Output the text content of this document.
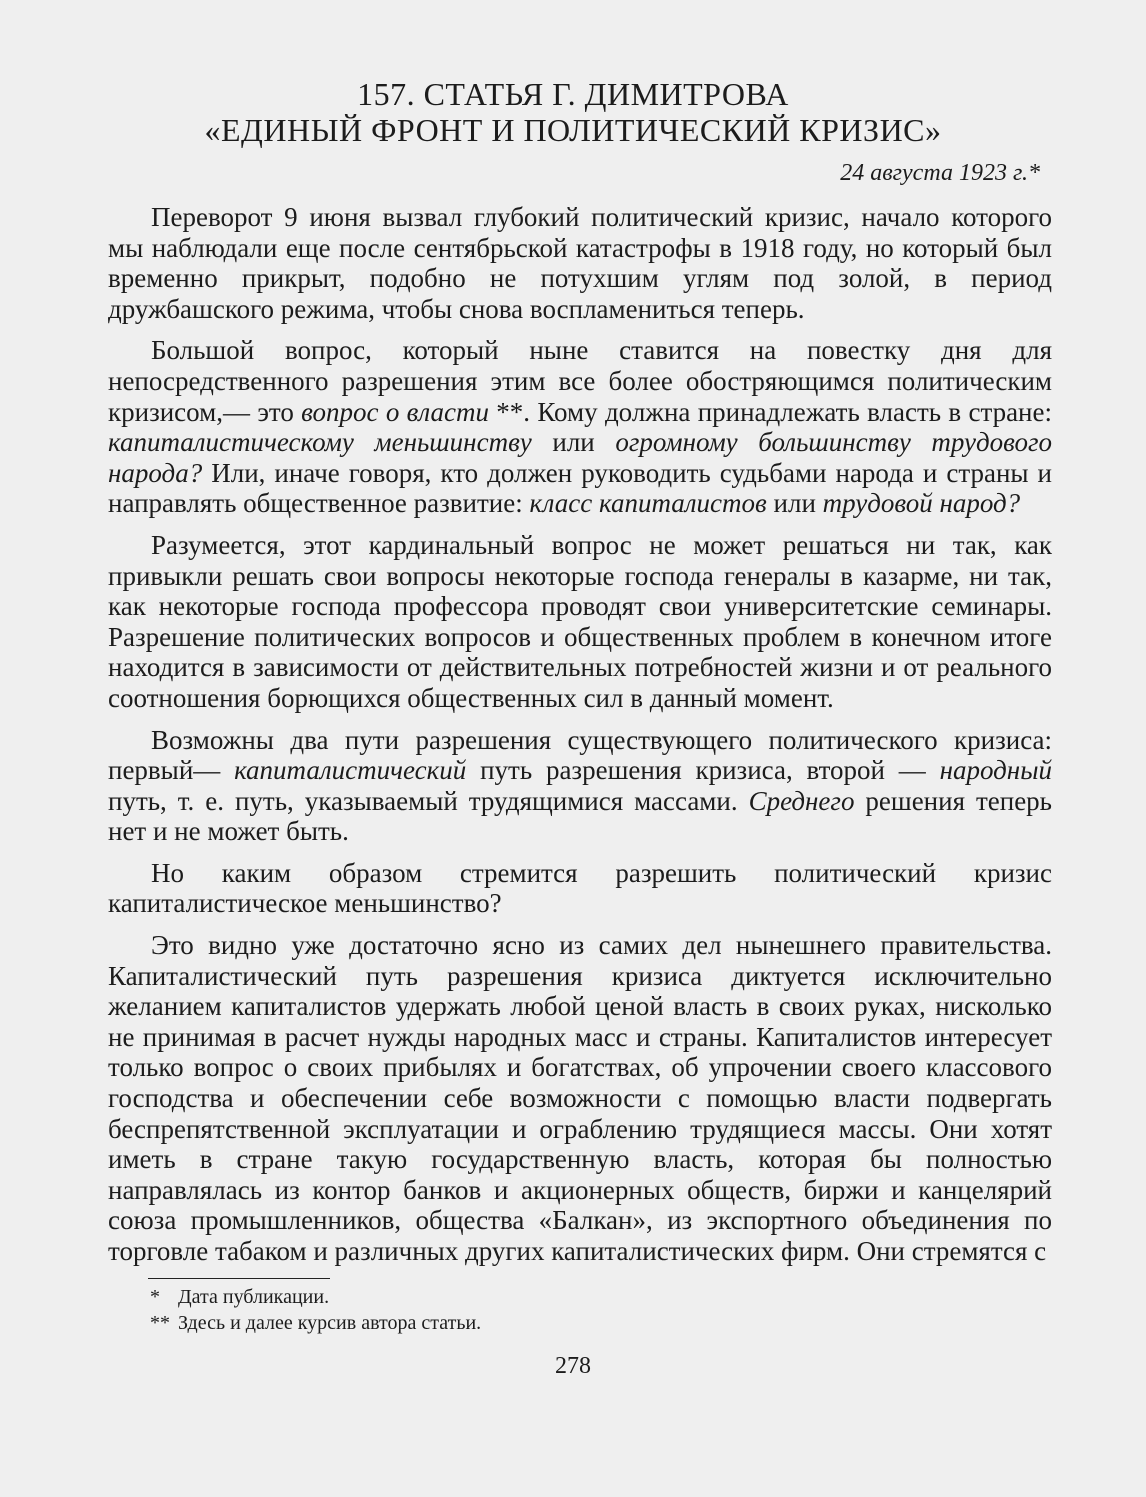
157. СТАТЬЯ Г. ДИМИТРОВА
«ЕДИНЫЙ ФРОНТ И ПОЛИТИЧЕСКИЙ КРИЗИС»
24 августа 1923 г.*

Переворот 9 июня вызвал глубокий политический кризис, начало которого мы наблюдали еще после сентябрьской катастрофы в 1918 году, но который был временно прикрыт, подобно не потухшим углям под золой, в период дружбашского режима, чтобы снова воспламениться теперь.

Большой вопрос, который ныне ставится на повестку дня для непосредственного разрешения этим все более обостряющимся политическим кризисом,— это вопрос о власти **. Кому должна принадлежать власть в стране: капиталистическому меньшинству или огромному большинству трудового народа? Или, иначе говоря, кто должен руководить судьбами народа и страны и направлять общественное развитие: класс капиталистов или трудовой народ?

Разумеется, этот кардинальный вопрос не может решаться ни так, как привыкли решать свои вопросы некоторые господа генералы в казарме, ни так, как некоторые господа профессора проводят свои университетские семинары. Разрешение политических вопросов и общественных проблем в конечном итоге находится в зависимости от действительных потребностей жизни и от реального соотношения борющихся общественных сил в данный момент.

Возможны два пути разрешения существующего политического кризиса: первый— капиталистический путь разрешения кризиса, второй — народный путь, т. е. путь, указываемый трудящимися массами. Среднего решения теперь нет и не может быть.

Но каким образом стремится разрешить политический кризис капиталистическое меньшинство?

Это видно уже достаточно ясно из самих дел нынешнего правительства. Капиталистический путь разрешения кризиса диктуется исключительно желанием капиталистов удержать любой ценой власть в своих руках, нисколько не принимая в расчет нужды народных масс и страны. Капиталистов интересует только вопрос о своих прибылях и богатствах, об упрочении своего классового господства и обеспечении себе возможности с помощью власти подвергать беспрепятственной эксплуатации и ограблению трудящиеся массы. Они хотят иметь в стране такую государственную власть, которая бы полностью направлялась из контор банков и акционерных обществ, биржи и канцелярий союза промышленников, общества «Балкан», из экспортного объединения по торговле табаком и различных других капиталистических фирм. Они стремятся с

* Дата публикации.
** Здесь и далее курсив автора статьи.
278
